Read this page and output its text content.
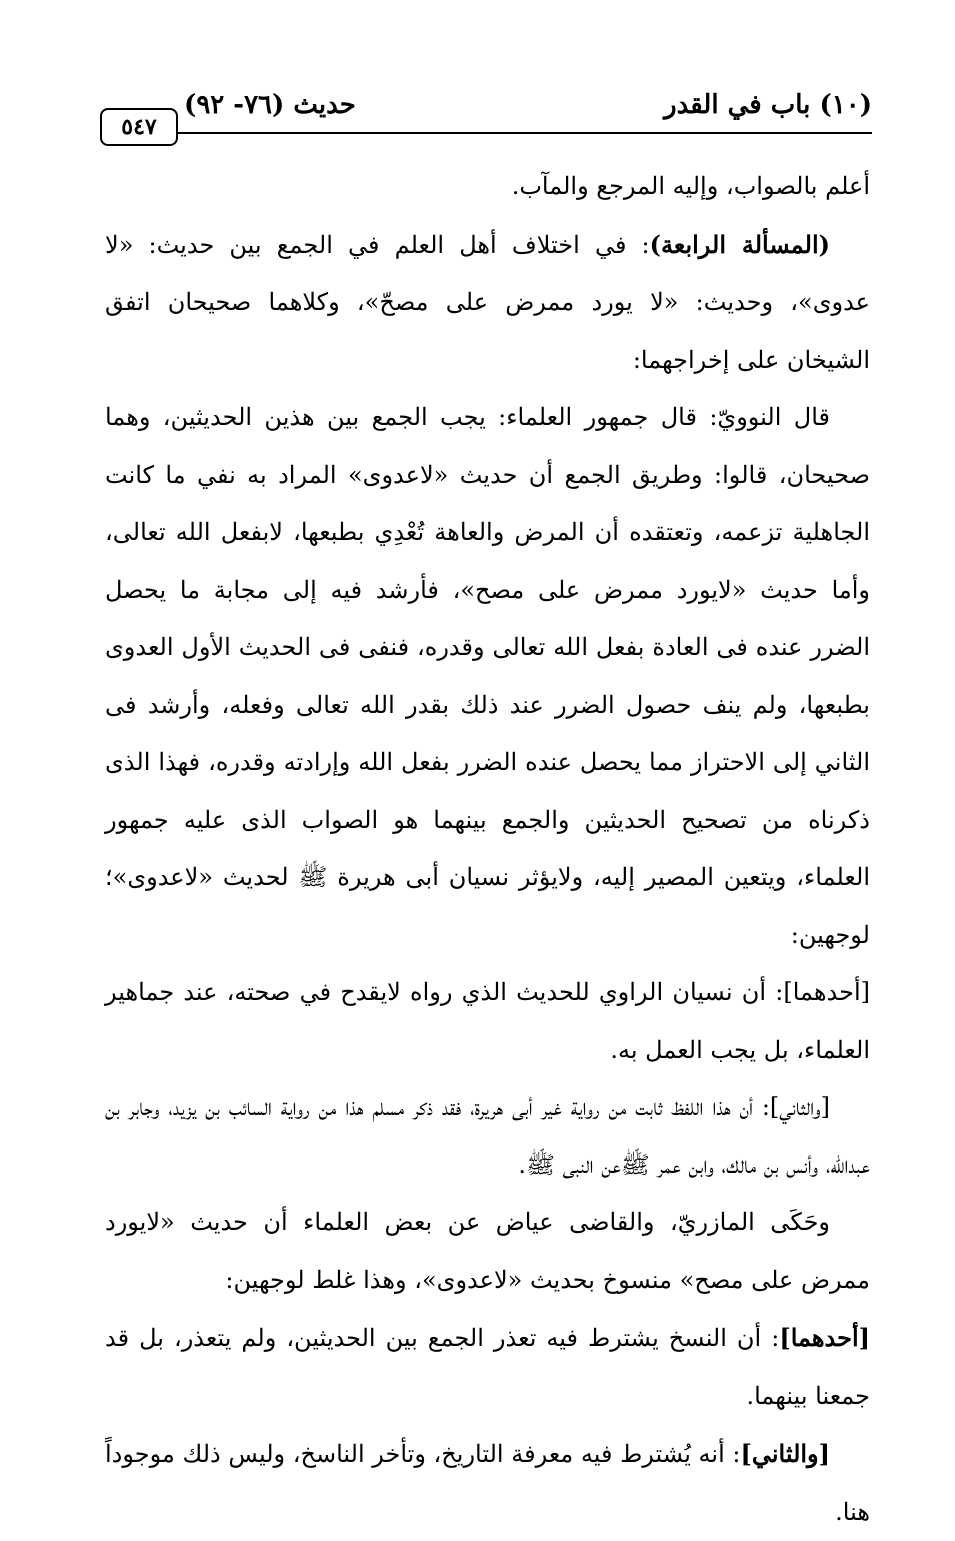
(١٠) باب في القدر
حديث (٧٦- ٩٢)
٥٤٧

أعلم بالصواب، وإليه المرجع والمآب.

(المسألة الرابعة): في اختلاف أهل العلم في الجمع بين حديث: «لا عدوى»، وحديث: «لا يورد ممرض على مصحّ»، وكلاهما صحيحان اتفق الشيخان على إخراجهما:

قال النوويّ: قال جمهور العلماء: يجب الجمع بين هذين الحديثين، وهما صحيحان، قالوا: وطريق الجمع أن حديث «لاعدوى» المراد به نفي ما كانت الجاهلية تزعمه، وتعتقده أن المرض والعاهة تُعْدِي بطبعها، لابفعل الله تعالى، وأما حديث «لايورد ممرض على مصح»، فأرشد فيه إلى مجابة ما يحصل الضرر عنده فى العادة بفعل الله تعالى وقدره، فنفى فى الحديث الأول العدوى بطبعها، ولم ينف حصول الضرر عند ذلك بقدر الله تعالى وفعله، وأرشد فى الثاني إلى الاحتراز مما يحصل عنده الضرر بفعل الله وإرادته وقدره، فهذا الذى ذكرناه من تصحيح الحديثين والجمع بينهما هو الصواب الذى عليه جمهور العلماء، ويتعين المصير إليه، ولايؤثر نسيان أبى هريرة ﷺ لحديث «لاعدوى»؛ لوجهين:

[أحدهما]: أن نسيان الراوي للحديث الذي رواه لايقدح في صحته، عند جماهير العلماء، بل يجب العمل به.

[والثاني]: أن هذا اللفظ ثابت من رواية غير أبى هريرة، فقد ذكر مسلم هذا من رواية السائب بن يزيد، وجابر بن عبدالله، وأنس بن مالك، وابن عمر ﷺعن النبى ﷺ.

وحَكَى المازريّ، والقاضى عياض عن بعض العلماء أن حديث «لايورد ممرض على مصح» منسوخ بحديث «لاعدوى»، وهذا غلط لوجهين:

[أحدهما]: أن النسخ يشترط فيه تعذر الجمع بين الحديثين، ولم يتعذر، بل قد جمعنا بينهما.

[والثاني]: أنه يُشترط فيه معرفة التاريخ، وتأخر الناسخ، وليس ذلك موجوداً هنا.
